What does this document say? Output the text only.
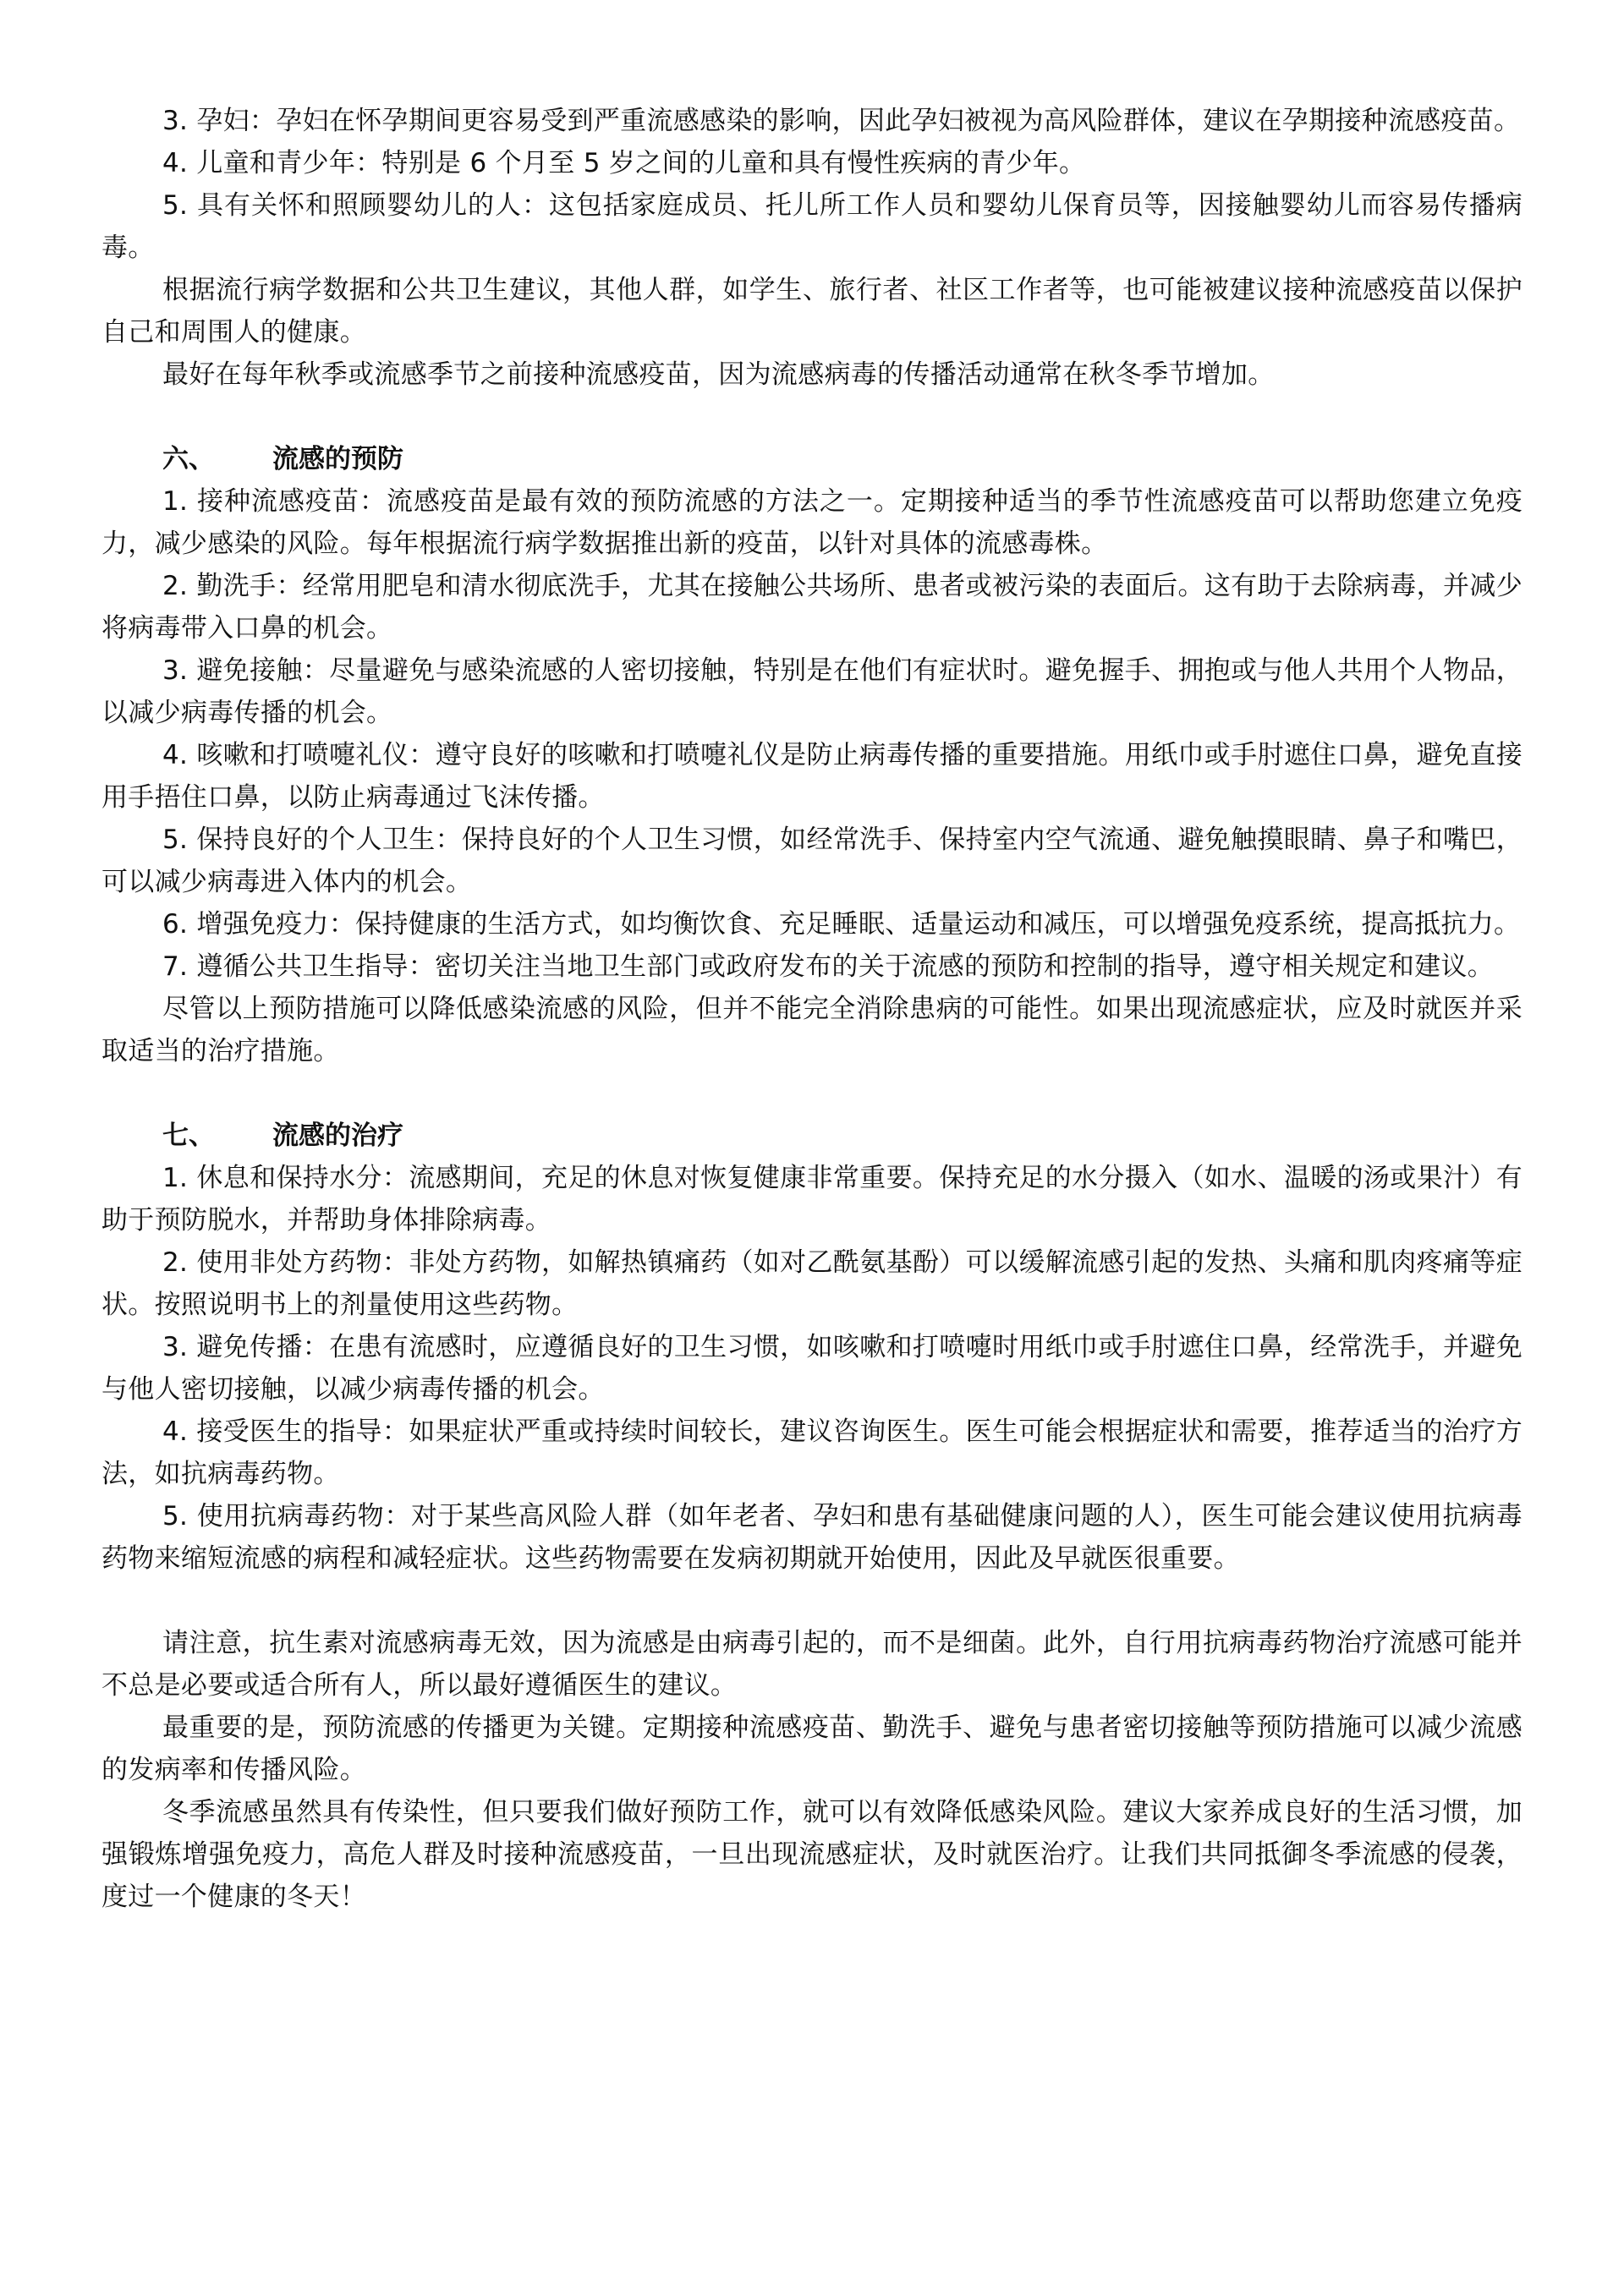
3. 孕妇：孕妇在怀孕期间更容易受到严重流感感染的影响，因此孕妇被视为高风险群体，建议在孕期接种流感疫苗。

4. 儿童和青少年：特别是 6 个月至 5 岁之间的儿童和具有慢性疾病的青少年。

5. 具有关怀和照顾婴幼儿的人：这包括家庭成员、托儿所工作人员和婴幼儿保育员等，因接触婴幼儿而容易传播病毒。

根据流行病学数据和公共卫生建议，其他人群，如学生、旅行者、社区工作者等，也可能被建议接种流感疫苗以保护自己和周围人的健康。

最好在每年秋季或流感季节之前接种流感疫苗，因为流感病毒的传播活动通常在秋冬季节增加。

六、	流感的预防

1. 接种流感疫苗：流感疫苗是最有效的预防流感的方法之一。定期接种适当的季节性流感疫苗可以帮助您建立免疫力，减少感染的风险。每年根据流行病学数据推出新的疫苗，以针对具体的流感毒株。

2. 勤洗手：经常用肥皂和清水彻底洗手，尤其在接触公共场所、患者或被污染的表面后。这有助于去除病毒，并减少将病毒带入口鼻的机会。

3. 避免接触：尽量避免与感染流感的人密切接触，特别是在他们有症状时。避免握手、拥抱或与他人共用个人物品，以减少病毒传播的机会。

4. 咳嗽和打喷嚏礼仪：遵守良好的咳嗽和打喷嚏礼仪是防止病毒传播的重要措施。用纸巾或手肘遮住口鼻，避免直接用手捂住口鼻，以防止病毒通过飞沫传播。

5. 保持良好的个人卫生：保持良好的个人卫生习惯，如经常洗手、保持室内空气流通、避免触摸眼睛、鼻子和嘴巴，可以减少病毒进入体内的机会。

6. 增强免疫力：保持健康的生活方式，如均衡饮食、充足睡眠、适量运动和减压，可以增强免疫系统，提高抵抗力。

7. 遵循公共卫生指导：密切关注当地卫生部门或政府发布的关于流感的预防和控制的指导，遵守相关规定和建议。

尽管以上预防措施可以降低感染流感的风险，但并不能完全消除患病的可能性。如果出现流感症状，应及时就医并采取适当的治疗措施。

七、	流感的治疗

1. 休息和保持水分：流感期间，充足的休息对恢复健康非常重要。保持充足的水分摄入（如水、温暖的汤或果汁）有助于预防脱水，并帮助身体排除病毒。

2. 使用非处方药物：非处方药物，如解热镇痛药（如对乙酰氨基酚）可以缓解流感引起的发热、头痛和肌肉疼痛等症状。按照说明书上的剂量使用这些药物。

3. 避免传播：在患有流感时，应遵循良好的卫生习惯，如咳嗽和打喷嚏时用纸巾或手肘遮住口鼻，经常洗手，并避免与他人密切接触，以减少病毒传播的机会。

4. 接受医生的指导：如果症状严重或持续时间较长，建议咨询医生。医生可能会根据症状和需要，推荐适当的治疗方法，如抗病毒药物。

5. 使用抗病毒药物：对于某些高风险人群（如年老者、孕妇和患有基础健康问题的人），医生可能会建议使用抗病毒药物来缩短流感的病程和减轻症状。这些药物需要在发病初期就开始使用，因此及早就医很重要。

请注意，抗生素对流感病毒无效，因为流感是由病毒引起的，而不是细菌。此外，自行用抗病毒药物治疗流感可能并不总是必要或适合所有人，所以最好遵循医生的建议。

最重要的是，预防流感的传播更为关键。定期接种流感疫苗、勤洗手、避免与患者密切接触等预防措施可以减少流感的发病率和传播风险。

冬季流感虽然具有传染性，但只要我们做好预防工作，就可以有效降低感染风险。建议大家养成良好的生活习惯，加强锻炼增强免疫力，高危人群及时接种流感疫苗，一旦出现流感症状，及时就医治疗。让我们共同抵御冬季流感的侵袭，度过一个健康的冬天！
